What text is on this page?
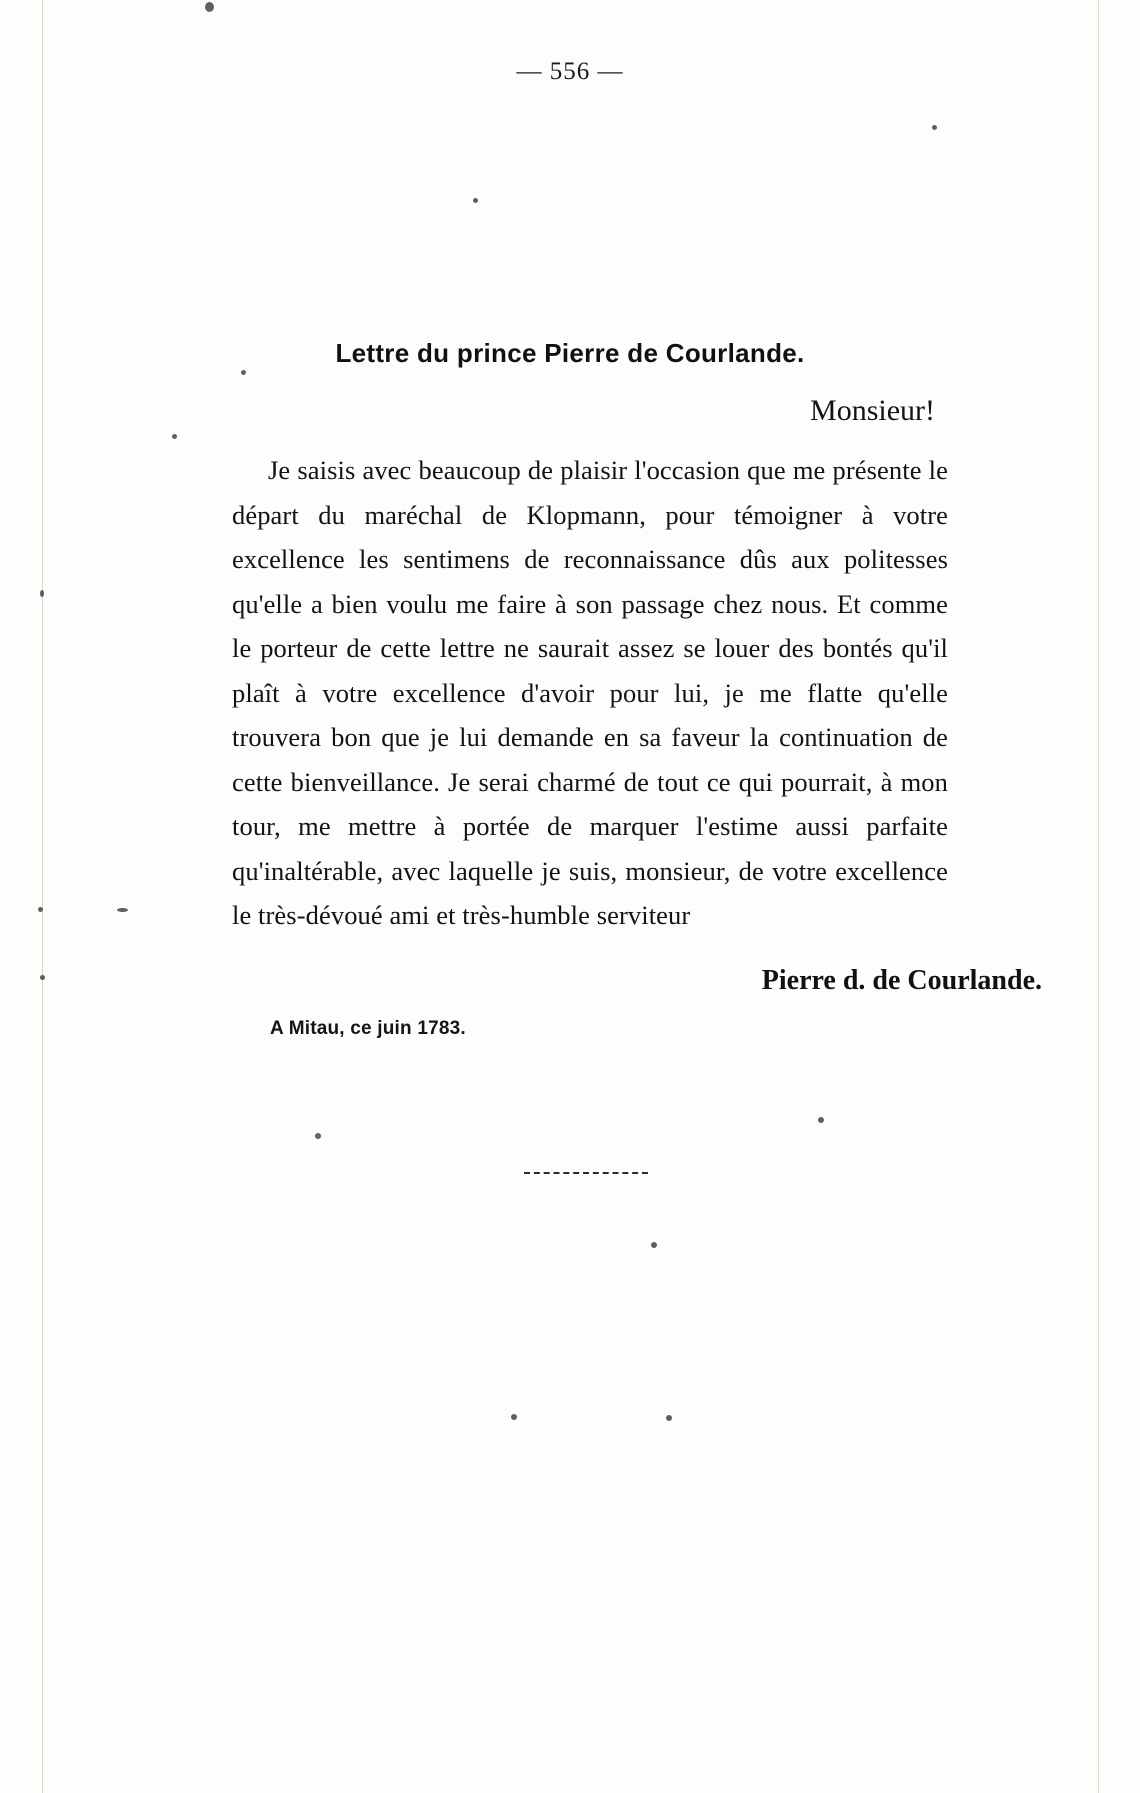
— 556 —
Lettre du prince Pierre de Courlande.
Monsieur!
Je saisis avec beaucoup de plaisir l'occasion que me présente le départ du maréchal de Klopmann, pour témoigner à votre excellence les sentimens de reconnaissance dûs aux politesses qu'elle a bien voulu me faire à son passage chez nous. Et comme le porteur de cette lettre ne saurait assez se louer des bontés qu'il plaît à votre excellence d'avoir pour lui, je me flatte qu'elle trouvera bon que je lui demande en sa faveur la continuation de cette bienveillance. Je serai charmé de tout ce qui pourrait, à mon tour, me mettre à portée de marquer l'estime aussi parfaite qu'inaltérable, avec laquelle je suis, monsieur, de votre excellence le très-dévoué ami et très-humble serviteur
Pierre d. de Courlande.
A Mitau, ce juin 1783.
